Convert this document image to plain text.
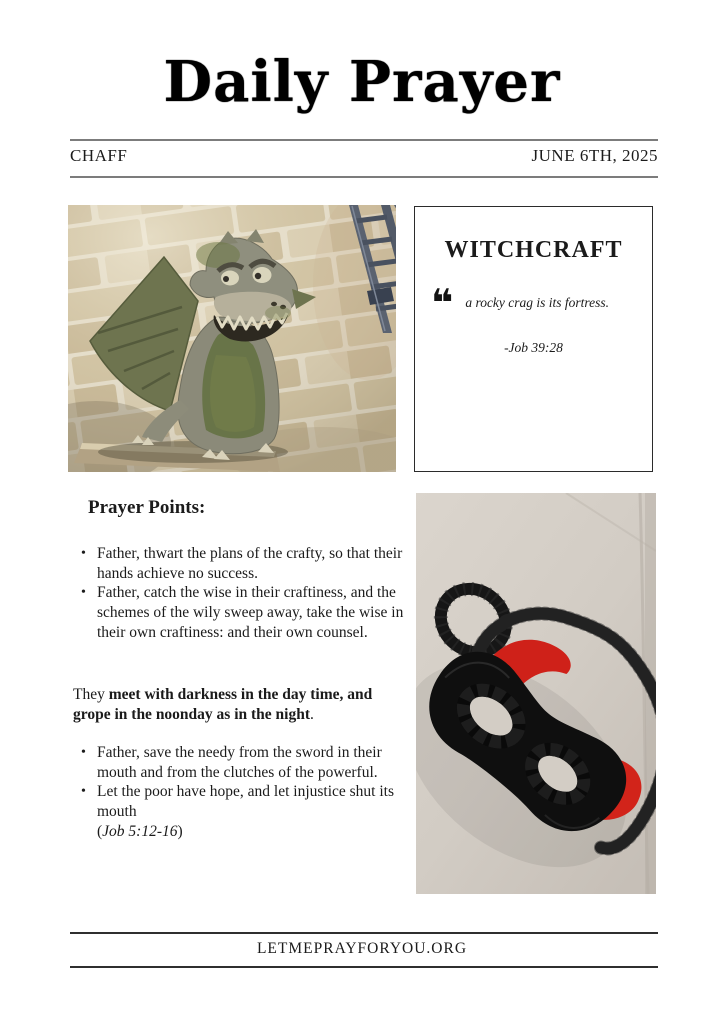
Daily Prayer
CHAFF	JUNE 6TH, 2025
WITCHCRAFT
❝ a rocky crag is its fortress.
-Job 39:28
Prayer Points:
• Father, thwart the plans of the crafty, so that their hands achieve no success.
• Father, catch the wise in their craftiness, and the schemes of the wily sweep away, take the wise in their own craftiness: and their own counsel.
They meet with darkness in the day time, and grope in the noonday as in the night.
• Father, save the needy from the sword in their mouth and from the clutches of the powerful.
• Let the poor have hope, and let injustice shut its mouth
(Job 5:12-16)
LETMEPRAYFORYOU.ORG
